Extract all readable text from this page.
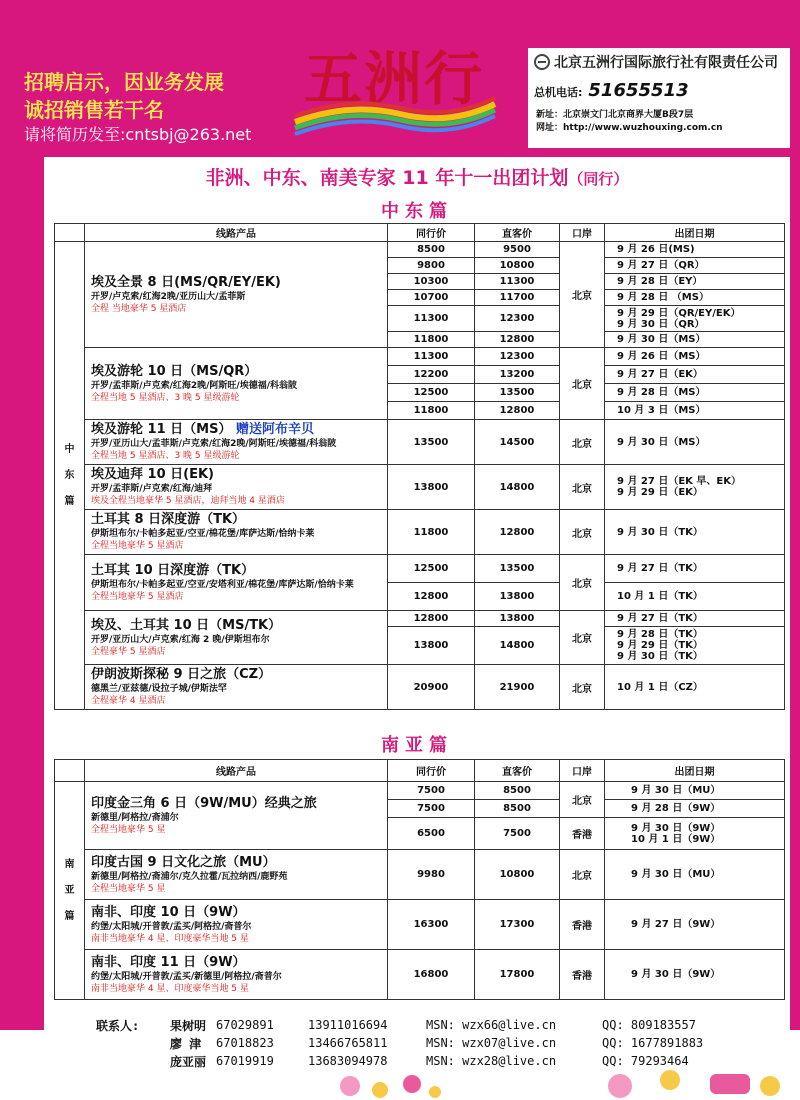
招聘启示，因业务发展
诚招销售若干名
请将简历发至:cntsbj@263.net
五洲行	北京五洲行国际旅行社有限责任公司
总机电话: 51655513
新址：北京崇文门北京商界大厦B段7层
网址：http://www.wuzhouxing.com.cn
非洲、中东、南美专家 11 年十一出团计划（同行）
中东篇
	线路产品	同行价	直客价	口岸	出团日期
中东篇	埃及全景 8 日(MS/QR/EY/EK)
开罗/卢克索/红海2晚/亚历山大/孟菲斯
全程 当地豪华 5 星酒店	8500	9500	北京	9 月 26 日(MS)

		9800	10800		9 月 27 日（QR）

		10300	11300		9 月 28 日（EY）

		10700	11700		9 月 28 日 （MS）

		11300	12300		9 月 29 日（QR/EY/EK）
9 月 30 日（QR）

		11800	12800		9 月 30 日（MS）

	埃及游轮 10 日（MS/QR）
开罗/孟菲斯/卢克索/红海2晚/阿斯旺/埃德福/科翁陂
全程当地 5 星酒店、3 晚 5 星级游轮	11300	12300	北京	9 月 26 日（MS）

		12200	13200		9 月 27 日（EK）

		12500	13500		9 月 28 日（MS）

		11800	12800		10 月 3 日（MS）

	埃及游轮 11 日（MS） 赠送阿布辛贝
开罗/亚历山大/孟菲斯/卢克索/红海2晚/阿斯旺/埃德福/科翁陂
全程当地 5 星酒店、3 晚 5 星级游轮	13500	14500	北京	9 月 30 日（MS）

	埃及迪拜 10 日(EK)
开罗/孟菲斯/卢克索/红海/迪拜
埃及全程当地豪华 5 星酒店，迪拜当地 4 星酒店	13800	14800	北京	9 月 27 日（EK 早、EK）
9 月 29 日（EK）

	土耳其 8 日深度游（TK）
伊斯坦布尔/卡帕多起亚/空亚/棉花堡/库萨达斯/恰纳卡莱
全程当地豪华 5 星酒店	11800	12800	北京	9 月 30 日（TK）

	土耳其 10 日深度游（TK）
伊斯坦布尔/卡帕多起亚/空亚/安塔利亚/棉花堡/库萨达斯/恰纳卡莱
全程当地豪华 5 星酒店	12500	13500	北京	9 月 27 日（TK）

		12800	13800		10 月 1 日（TK）

	埃及、土耳其 10 日（MS/TK）
开罗/亚历山大/卢克索/红海 2 晚/伊斯坦布尔
全程豪华 5 星酒店	12800	13800	北京	9 月 27 日（TK）

		13800	14800		9 月 28 日（TK）
9 月 29 日（TK）
9 月 30 日（TK）

	伊朗波斯探秘 9 日之旅（CZ）
德黑兰/亚兹德/设拉子城/伊斯法罕
全程豪华 4 星酒店	20900	21900	北京	10 月 1 日（CZ）
南亚篇
	线路产品	同行价	直客价	口岸	出团日期
南亚篇	印度金三角 6 日（9W/MU）经典之旅
新德里/阿格拉/斋浦尔
全程当地豪华 5 星	7500	8500	北京	9 月 30 日（MU）

		7500	8500		9 月 28 日（9W）

		6500	7500	香港	9 月 30 日（9W）
10 月 1 日（9W）

	印度古国 9 日文化之旅（MU）
新德里/阿格拉/斋浦尔/克久拉霍/瓦拉纳西/鹿野苑
全程当地豪华 5 星	9980	10800	北京	9 月 30 日（MU）

	南非、印度 10 日（9W）
约堡/太阳城/开普敦/孟买/阿格拉/斋普尔
南非当地豪华 4 星、印度豪华当地 5 星	16300	17300	香港	9 月 27 日（9W）

	南非、印度 11 日（9W）
约堡/太阳城/开普敦/孟买/新德里/阿格拉/斋普尔
南非当地豪华 4 星、印度豪华当地 5 星	16800	17800	香港	9 月 30 日（9W）
联系人:	果树明 67029891	13911016694	MSN: wzx66@live.cn	QQ: 809183557
廖 津	67018823	13466765811	MSN: wzx07@live.cn	QQ: 1677891883
庞亚丽 67019919	13683094978	MSN: wzx28@live.cn	QQ: 79293464
